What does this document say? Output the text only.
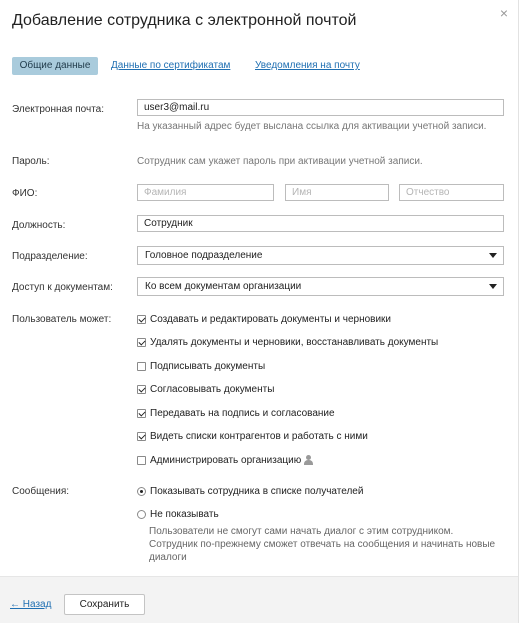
Добавление сотрудника с электронной почтой	×
Общие данные	Данные по сертификатам Уведомления на почту
Электронная почта:
user3@mail.ru
На указанный адрес будет выслана ссылка для активации учетной записи.
Пароль:	Сотрудник сам укажет пароль при активации учетной записи.
ФИО:
Фамилия
Имя
Отчество
Должность:
Сотрудник
Подразделение:	Головное подразделение
Доступ к документам:	Ко всем документам организации
Пользователь может:	Создавать и редактировать документы и черновики
Удалять документы и черновики, восстанавливать документы
Подписывать документы
Согласовывать документы
Передавать на подпись и согласование
Видеть списки контрагентов и работать с ними
Администрировать организацию
Сообщения:	Показывать сотрудника в списке получателей
Не показывать
Пользователи не смогут сами начать диалог с этим сотрудником. Сотрудник по-прежнему сможет отвечать на сообщения и начинать новые диалоги
← Назад	Сохранить
